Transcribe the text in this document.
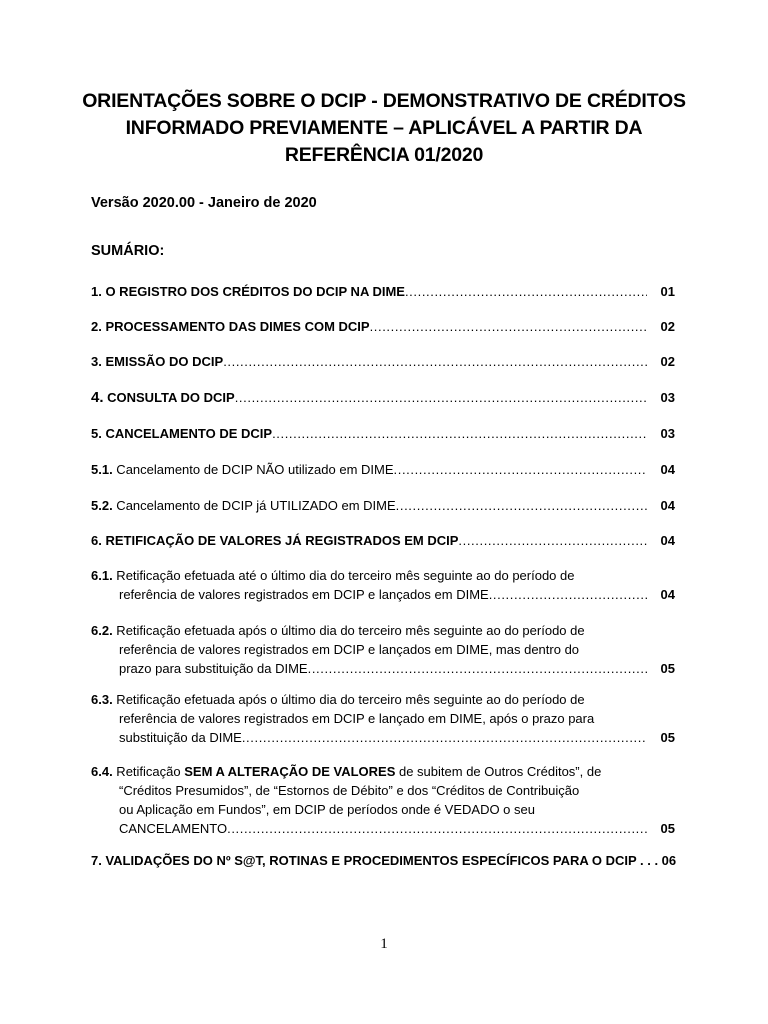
ORIENTAÇÕES SOBRE O DCIP - DEMONSTRATIVO DE CRÉDITOS
INFORMADO PREVIAMENTE – APLICÁVEL A PARTIR DA
REFERÊNCIA 01/2020
Versão 2020.00 - Janeiro de 2020
SUMÁRIO:
1. O REGISTRO DOS CRÉDITOS DO DCIP NA DIME .....	01
2. PROCESSAMENTO DAS DIMES COM DCIP .....	02
3. EMISSÃO DO DCIP .....	02
4. CONSULTA DO DCIP .....	03
5. CANCELAMENTO DE DCIP .....	03
5.1. Cancelamento de DCIP NÃO utilizado em DIME .....	04
5.2. Cancelamento de DCIP já UTILIZADO em DIME .....	04
6. RETIFICAÇÃO DE VALORES JÁ REGISTRADOS EM DCIP .....	04
6.1. Retificação efetuada até o último dia do terceiro mês seguinte ao do período de
referência de valores registrados em DCIP e lançados em DIME .....	04
6.2. Retificação efetuada após o último dia do terceiro mês seguinte ao do período de
referência de valores registrados em DCIP e lançados em DIME, mas dentro do
prazo para substituição da DIME .....	05
6.3. Retificação efetuada após o último dia do terceiro mês seguinte ao do período de
referência de valores registrados em DCIP e lançado em DIME, após o prazo para
substituição da DIME .....	05
6.4. Retificação SEM A ALTERAÇÃO DE VALORES de subitem de Outros Créditos”, de
“Créditos Presumidos”, de “Estornos de Débito” e dos “Créditos de Contribuição
ou Aplicação em Fundos”, em DCIP de períodos onde é VEDADO o seu
CANCELAMENTO .....	05
7. VALIDAÇÕES DO Nº S@T, ROTINAS E PROCEDIMENTOS ESPECÍFICOS PARA O DCIP . . . 06
1
